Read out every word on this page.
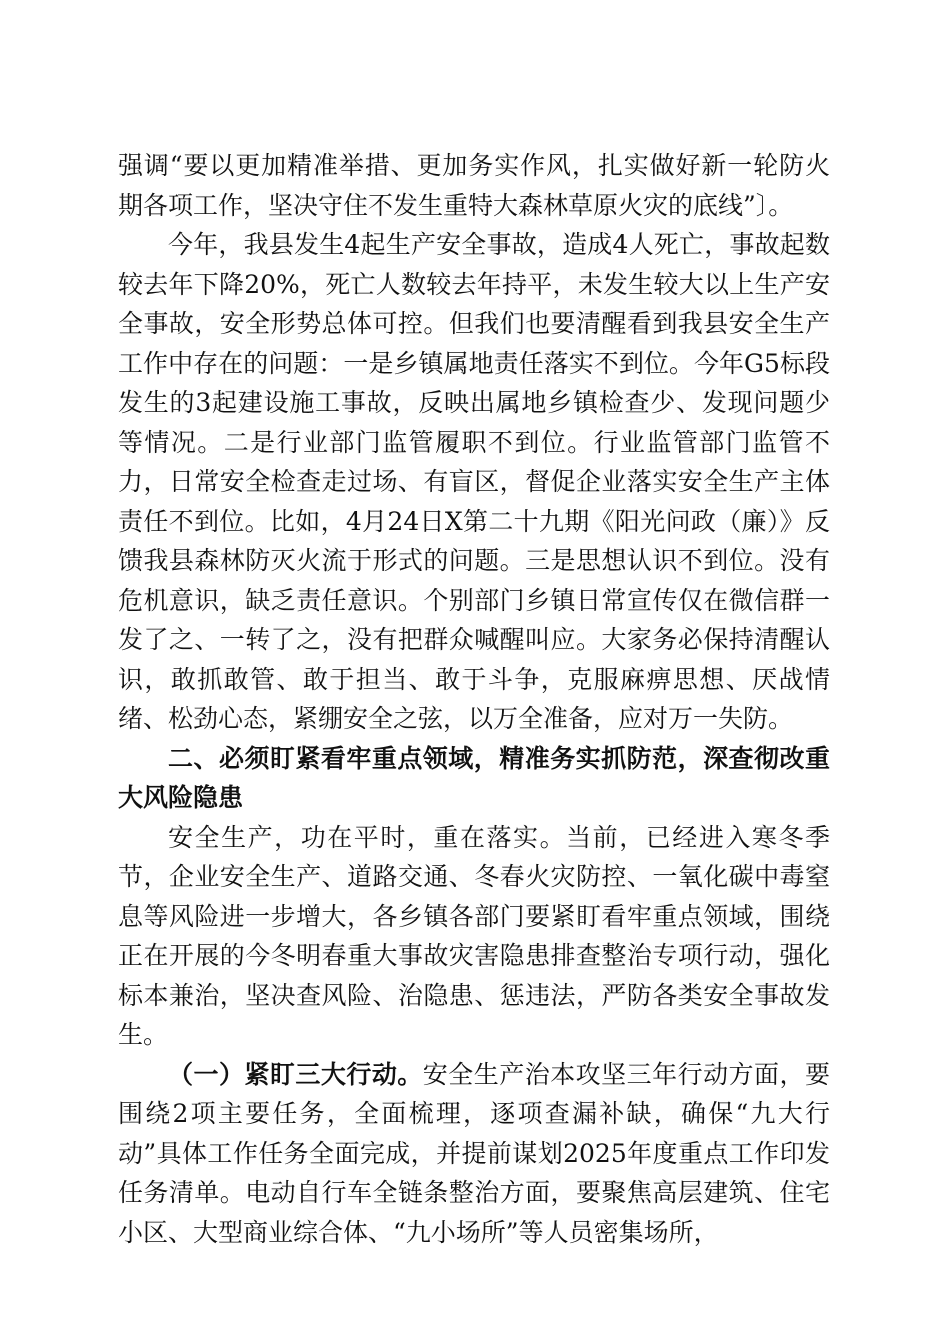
强调“要以更加精准举措、更加务实作风，扎实做好新一轮防火期各项工作，坚决守住不发生重特大森林草原火灾的底线”〕。

今年，我县发生4起生产安全事故，造成4人死亡，事故起数较去年下降20%，死亡人数较去年持平，未发生较大以上生产安全事故，安全形势总体可控。但我们也要清醒看到我县安全生产工作中存在的问题：一是乡镇属地责任落实不到位。今年G5标段发生的3起建设施工事故，反映出属地乡镇检查少、发现问题少等情况。二是行业部门监管履职不到位。行业监管部门监管不力，日常安全检查走过场、有盲区，督促企业落实安全生产主体责任不到位。比如，4月24日X第二十九期《阳光问政（廉）》反馈我县森林防灭火流于形式的问题。三是思想认识不到位。没有危机意识，缺乏责任意识。个别部门乡镇日常宣传仅在微信群一发了之、一转了之，没有把群众喊醒叫应。大家务必保持清醒认识，敢抓敢管、敢于担当、敢于斗争，克服麻痹思想、厌战情绪、松劲心态，紧绷安全之弦，以万全准备，应对万一失防。

二、必须盯紧看牢重点领域，精准务实抓防范，深查彻改重大风险隐患

安全生产，功在平时，重在落实。当前，已经进入寒冬季节，企业安全生产、道路交通、冬春火灾防控、一氧化碳中毒窒息等风险进一步增大，各乡镇各部门要紧盯看牢重点领域，围绕正在开展的今冬明春重大事故灾害隐患排查整治专项行动，强化标本兼治，坚决查风险、治隐患、惩违法，严防各类安全事故发生。

（一）紧盯三大行动。安全生产治本攻坚三年行动方面，要围绕2项主要任务，全面梳理，逐项查漏补缺，确保“九大行动”具体工作任务全面完成，并提前谋划2025年度重点工作印发任务清单。电动自行车全链条整治方面，要聚焦高层建筑、住宅小区、大型商业综合体、“九小场所”等人员密集场所，
